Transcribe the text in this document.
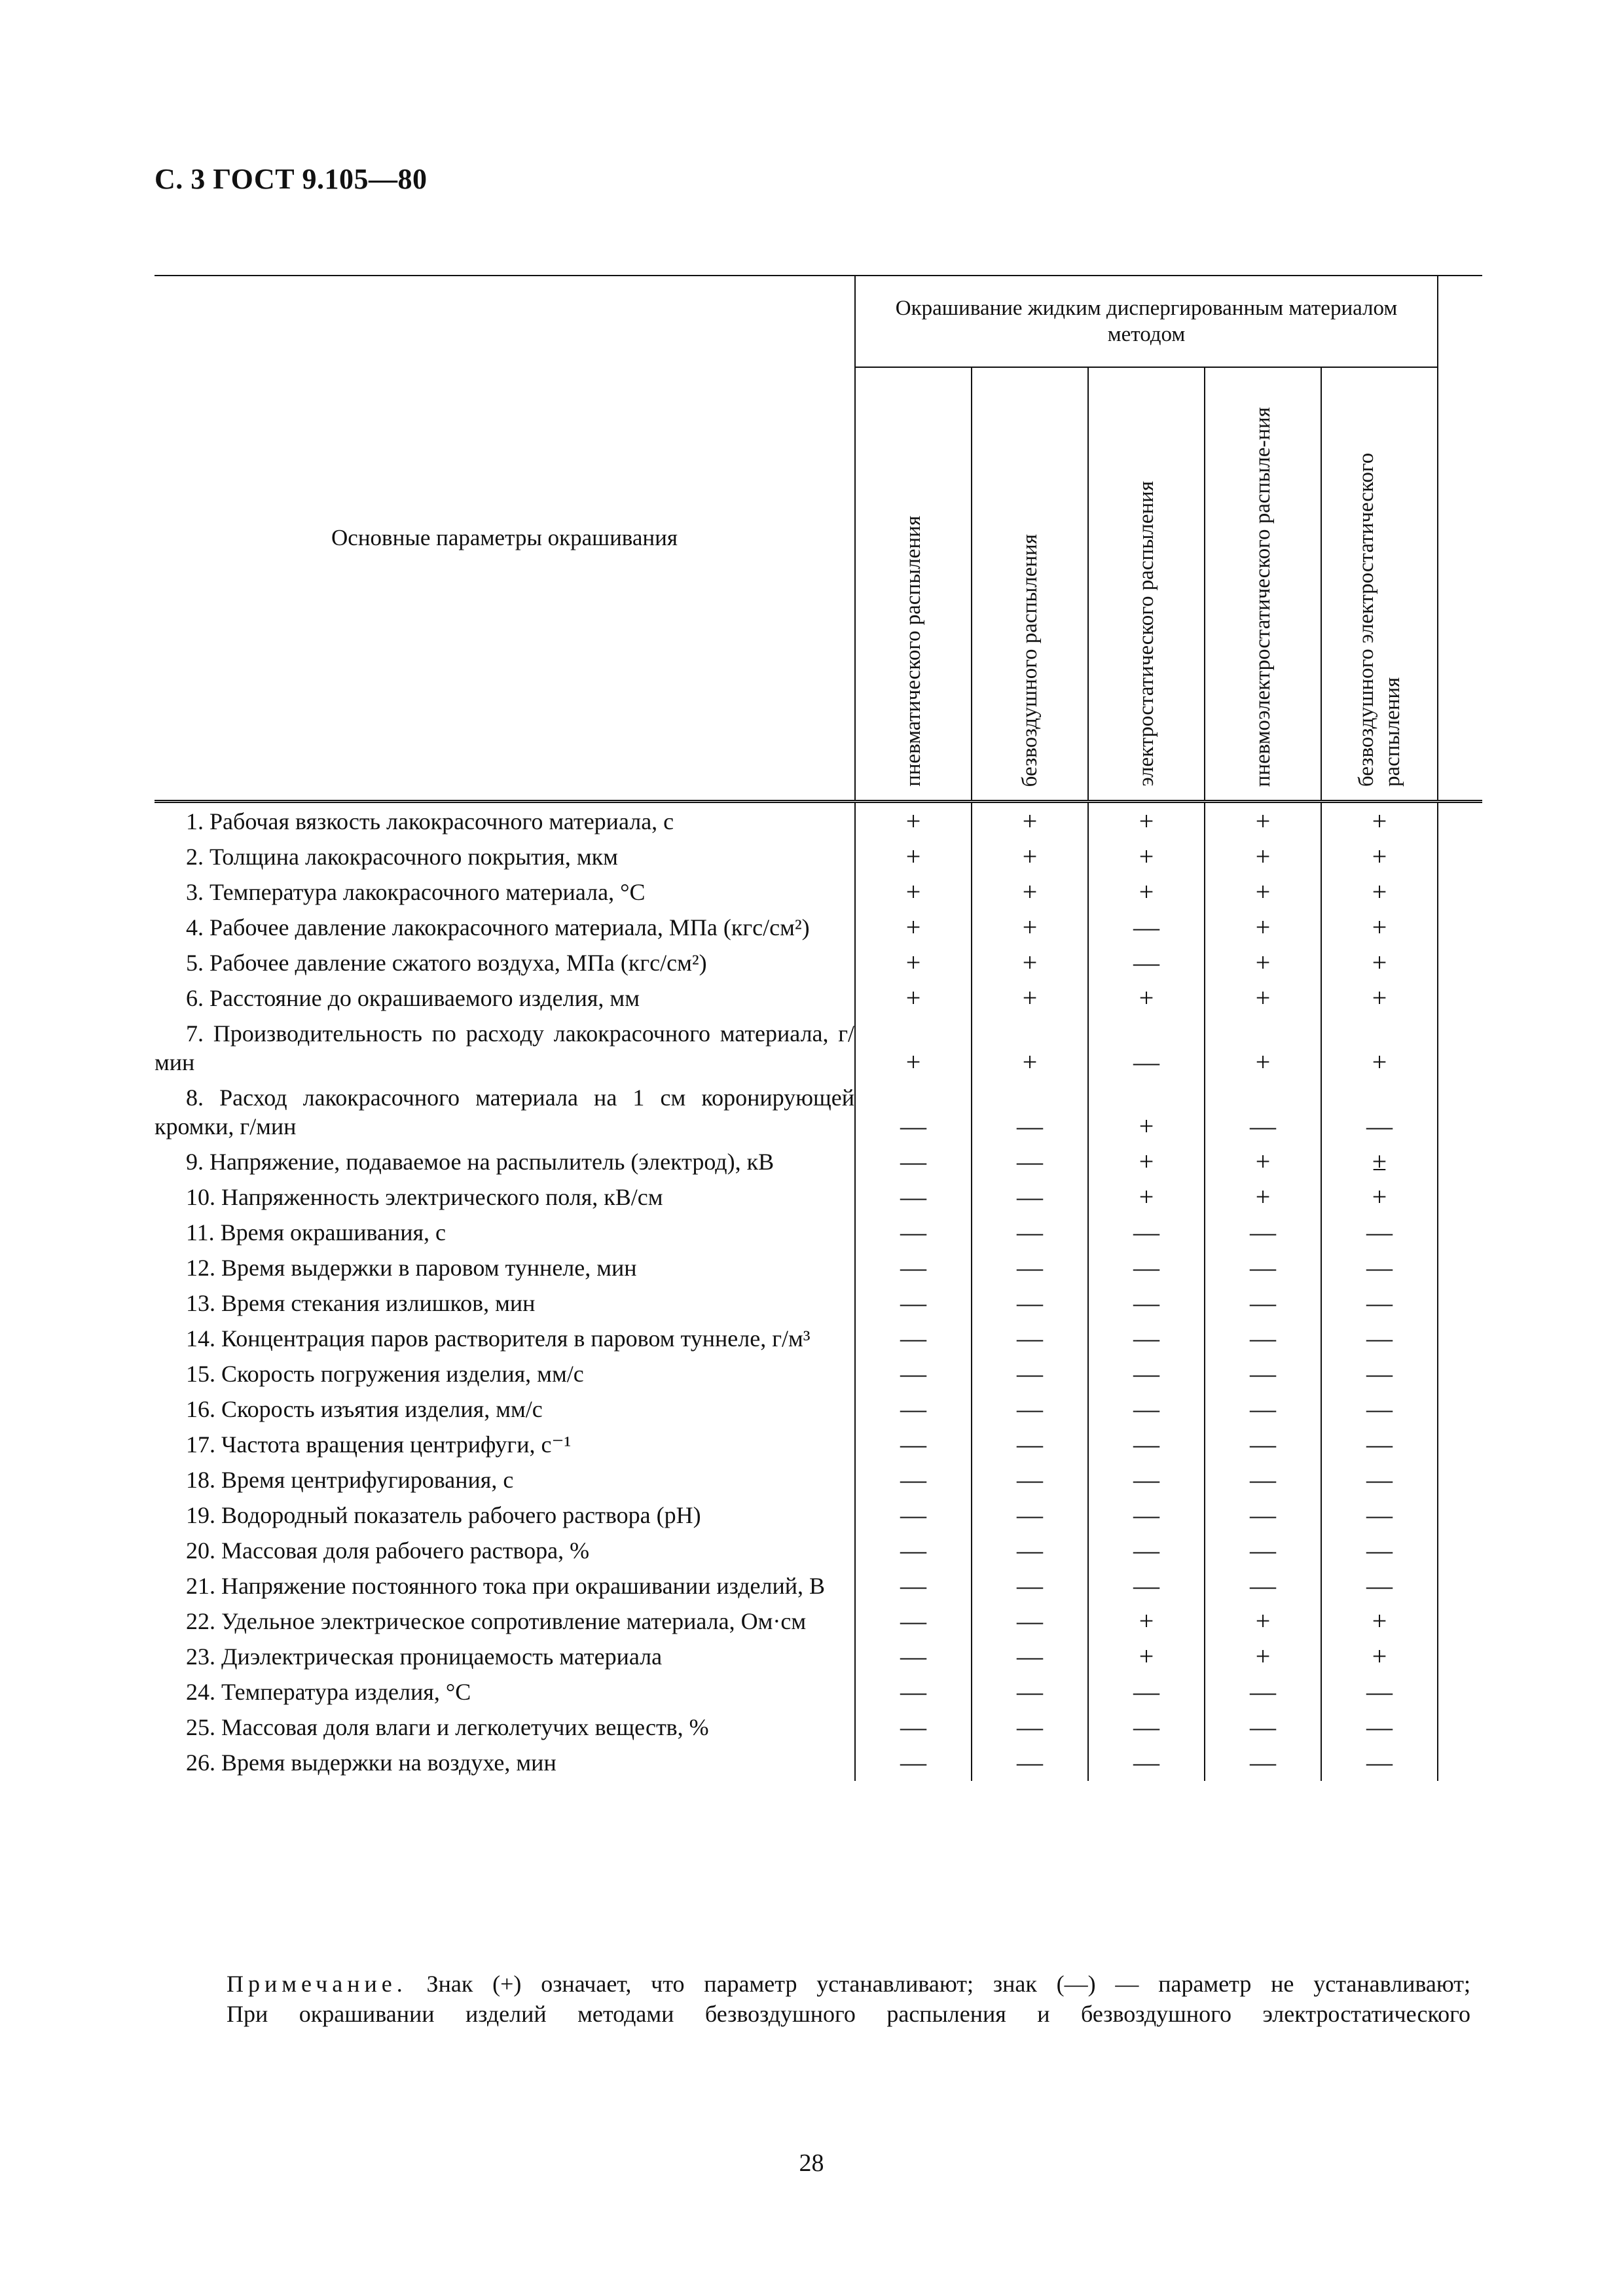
С. 3 ГОСТ 9.105—80
Основные параметры окрашивания	Окрашивание жидким диспергированным материалом методом					

	пневматического распыления	безвоздушного распыления	электростатического распыления	пневмоэлектростатического распыле-ния	безвоздушного электростатического распыления	

1. Рабочая вязкость лакокрасочного материала, с	+	+	+	+	+	
2. Толщина лакокрасочного покрытия, мкм	+	+	+	+	+	
3. Температура лакокрасочного материала, °С	+	+	+	+	+	
4. Рабочее давление лакокрасочного материала, МПа (кгс/см²)	+	+	—	+	+	
5. Рабочее давление сжатого воздуха, МПа (кгс/см²)	+	+	—	+	+	
6. Расстояние до окрашиваемого изделия, мм	+	+	+	+	+	
7. Производительность по расходу лакокрасочного материала, г/мин	+	+	—	+	+	
8. Расход лакокрасочного материала на 1 см коронирующей кромки, г/мин	—	—	+	—	—	
9. Напряжение, подаваемое на распылитель (электрод), кВ	—	—	+	+	±	
10. Напряженность электрического поля, кВ/см	—	—	+	+	+	
11. Время окрашивания, с	—	—	—	—	—	
12. Время выдержки в паровом туннеле, мин	—	—	—	—	—	
13. Время стекания излишков, мин	—	—	—	—	—	
14. Концентрация паров растворителя в паровом туннеле, г/м³	—	—	—	—	—	
15. Скорость погружения изделия, мм/с	—	—	—	—	—	
16. Скорость изъятия изделия, мм/с	—	—	—	—	—	
17. Частота вращения центрифуги, с⁻¹	—	—	—	—	—	
18. Время центрифугирования, с	—	—	—	—	—	
19. Водородный показатель рабочего раствора (pH)	—	—	—	—	—	
20. Массовая доля рабочего раствора, %	—	—	—	—	—	
21. Напряжение постоянного тока при окрашивании изделий, В	—	—	—	—	—	
22. Удельное электрическое сопротивление материала, Ом·см	—	—	+	+	+	
23. Диэлектрическая проницаемость материала	—	—	+	+	+	
24. Температура изделия, °С	—	—	—	—	—	
25. Массовая доля влаги и легколетучих веществ, %	—	—	—	—	—	
26. Время выдержки на воздухе, мин	—	—	—	—	—	
Примечание. Знак (+) означает, что параметр устанавливают; знак (—) — параметр не устанавливают;
При окрашивании изделий методами безвоздушного распыления и безвоздушного электростатического
28
